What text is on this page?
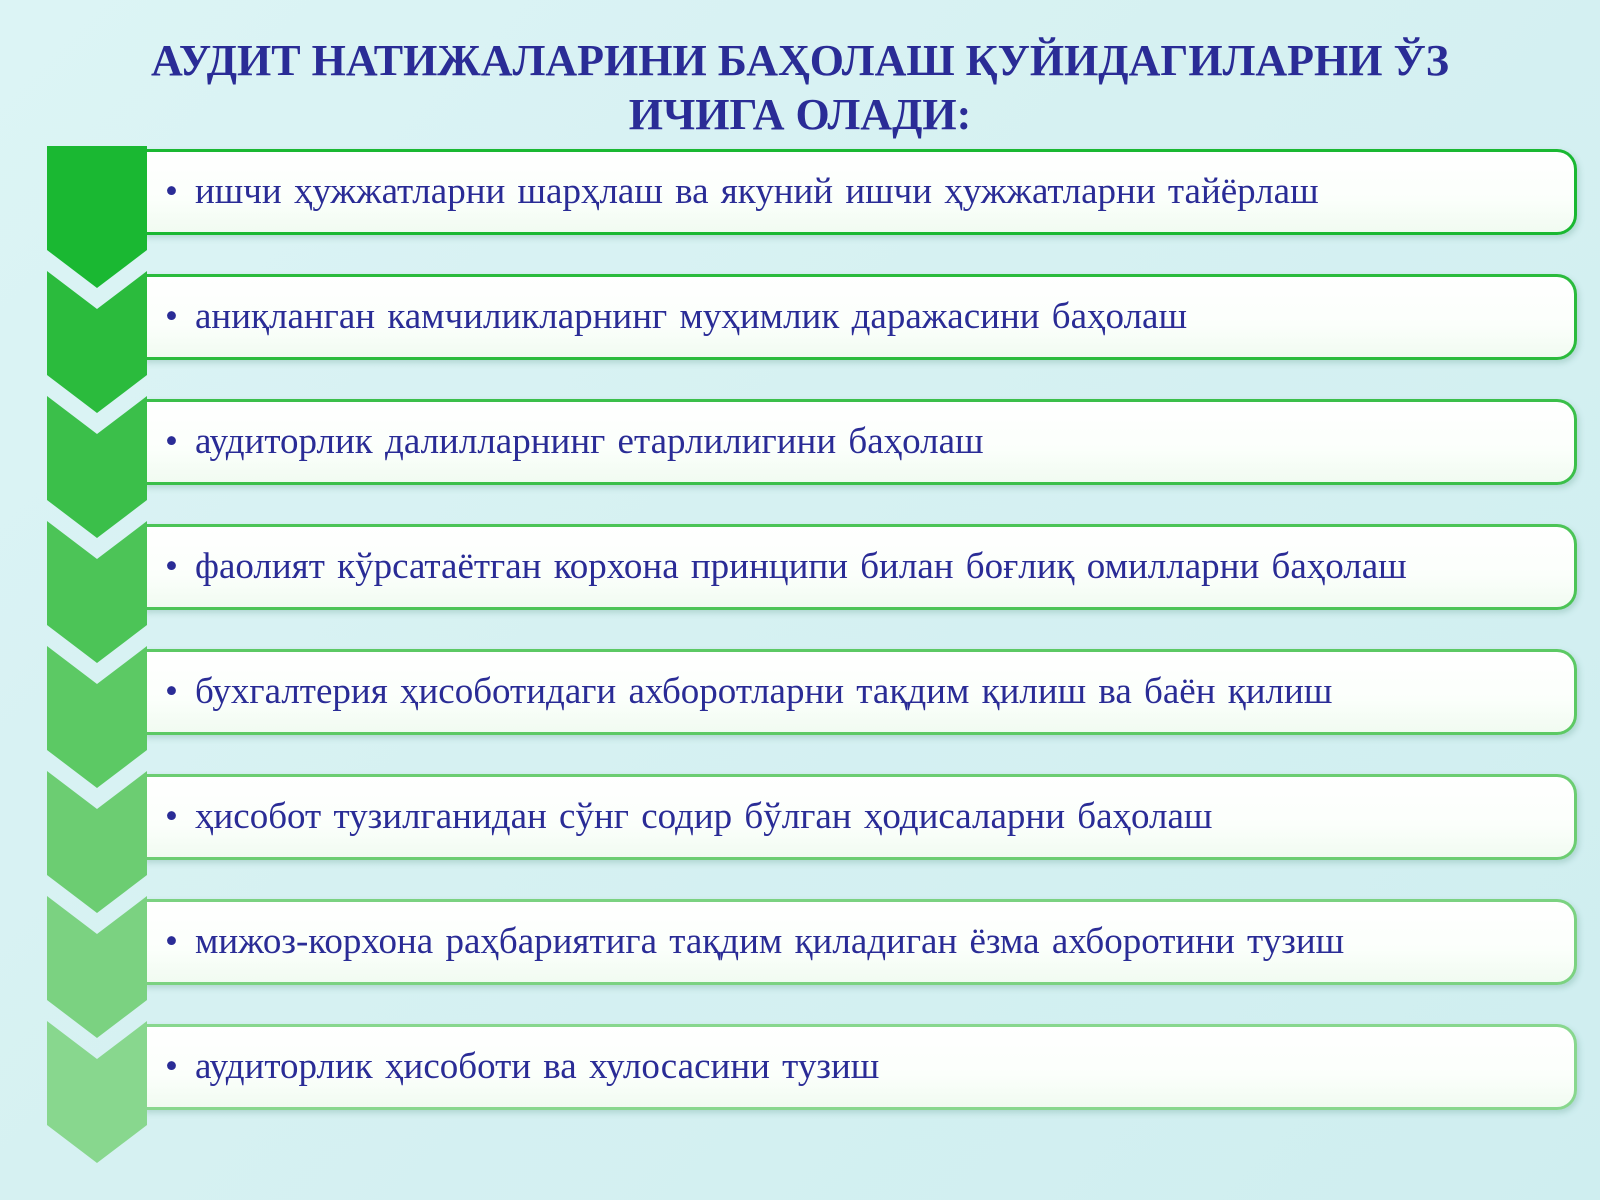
АУДИТ НАТИЖАЛАРИНИ БАҲОЛАШ ҚУЙИДАГИЛАРНИ ЎЗ
ИЧИГА ОЛАДИ:
• ишчи ҳужжатларни шарҳлаш ва якуний ишчи ҳужжатларни тайёрлаш
• аниқланган камчиликларнинг муҳимлик даражасини баҳолаш
• аудиторлик далилларнинг етарлилигини баҳолаш
• фаолият кўрсатаётган корхона принципи билан боғлиқ омилларни баҳолаш
• бухгалтерия ҳисоботидаги ахборотларни тақдим қилиш ва баён қилиш
• ҳисобот тузилганидан сўнг содир бўлган ҳодисаларни баҳолаш
• мижоз-корхона раҳбариятига тақдим қиладиган ёзма ахборотини тузиш
• аудиторлик ҳисоботи ва хулосасини тузиш
